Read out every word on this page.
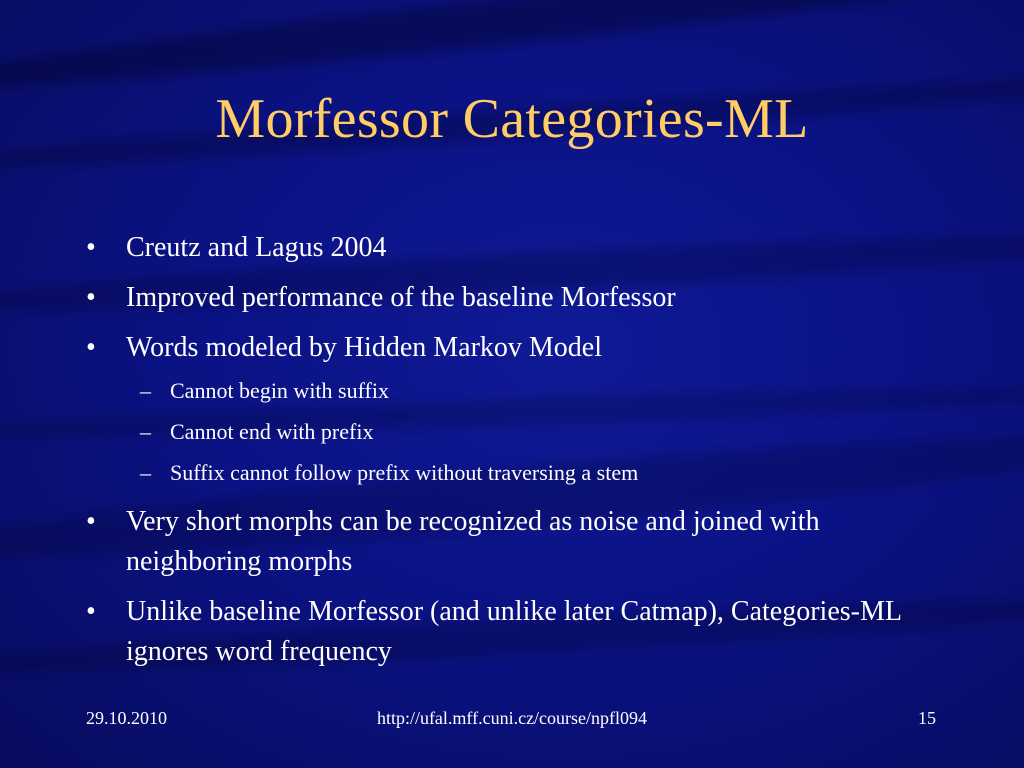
Morfessor Categories-ML
•	Creutz and Lagus 2004
•	Improved performance of the baseline Morfessor
•	Words modeled by Hidden Markov Model
– Cannot begin with suffix
– Cannot end with prefix
– Suffix cannot follow prefix without traversing a stem
•	Very short morphs can be recognized as noise and joined with neighboring morphs
•	Unlike baseline Morfessor (and unlike later Catmap), Categories-ML ignores word frequency
29.10.2010	http://ufal.mff.cuni.cz/course/npfl094	15
